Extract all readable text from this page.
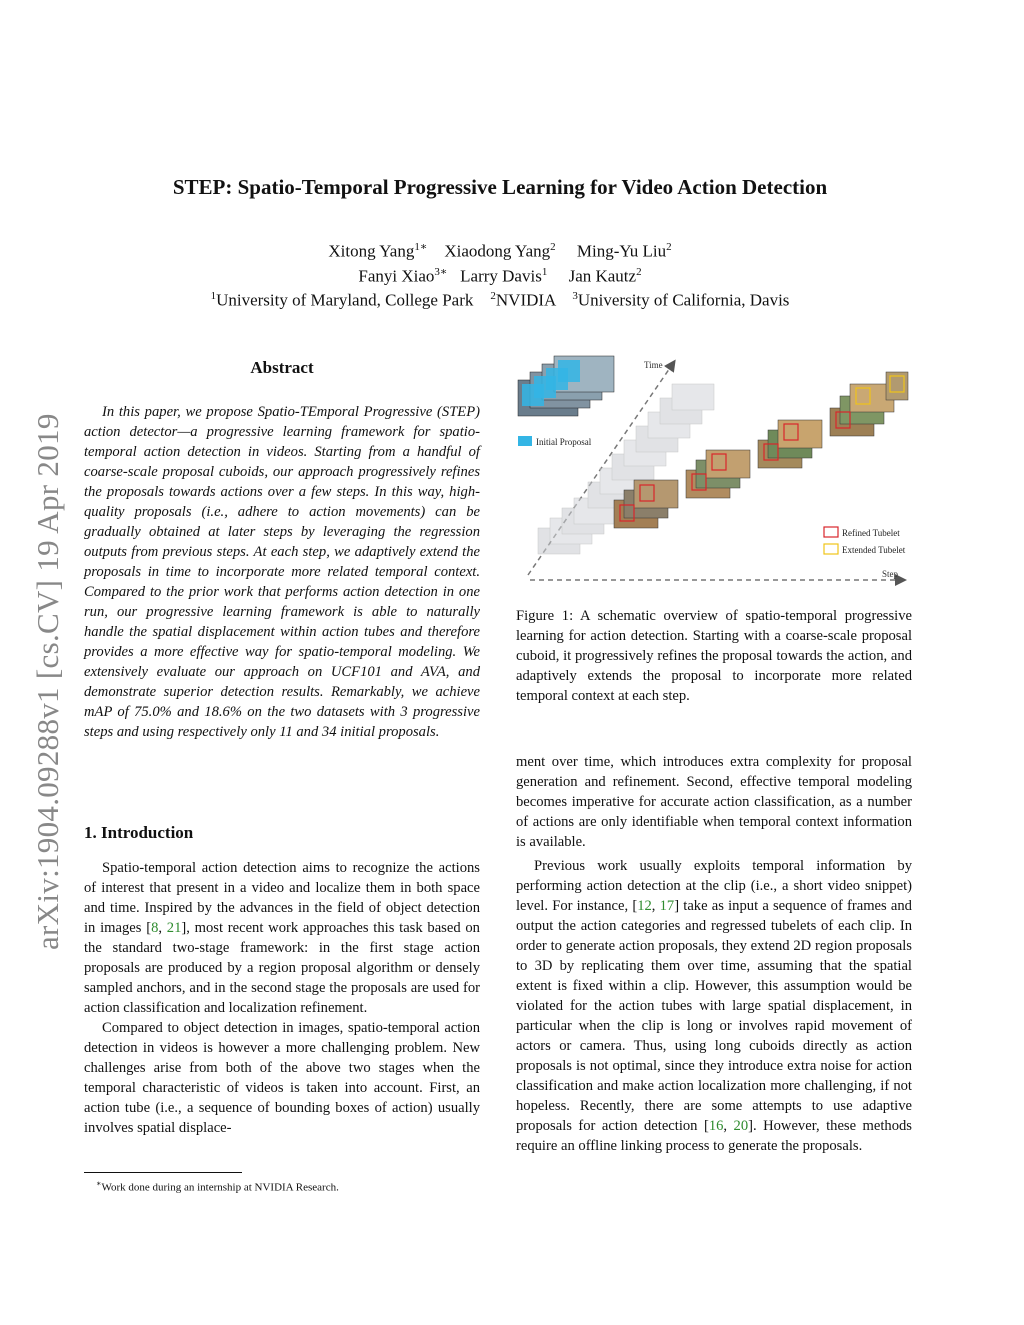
STEP: Spatio-Temporal Progressive Learning for Video Action Detection
Xitong Yang$^{1∗}$ Xiaodong Yang$^2$ Ming-Yu Liu$^2$
Fanyi Xiao$^{3∗}$ Larry Davis$^1$ Jan Kautz$^2$
$^1$University of Maryland, College Park $^2$NVIDIA $^3$University of California, Davis
arXiv:1904.09288v1 [cs.CV] 19 Apr 2019
Abstract
In this paper, we propose Spatio-TEmporal Progressive (STEP) action detector—a progressive learning framework for spatio-temporal action detection in videos. Starting from a handful of coarse-scale proposal cuboids, our approach progressively refines the proposals towards actions over a few steps. In this way, high-quality proposals (i.e., adhere to action movements) can be gradually obtained at later steps by leveraging the regression outputs from previous steps. At each step, we adaptively extend the proposals in time to incorporate more related temporal context. Compared to the prior work that performs action detection in one run, our progressive learning framework is able to naturally handle the spatial displacement within action tubes and therefore provides a more effective way for spatio-temporal modeling. We extensively evaluate our approach on UCF101 and AVA, and demonstrate superior detection results. Remarkably, we achieve mAP of 75.0% and 18.6% on the two datasets with 3 progressive steps and using respectively only 11 and 34 initial proposals.
1. Introduction

Spatio-temporal action detection aims to recognize the actions of interest that present in a video and localize them in both space and time. Inspired by the advances in the field of object detection in images [8, 21], most recent work approaches this task based on the standard two-stage framework: in the first stage action proposals are produced by a region proposal algorithm or densely sampled anchors, and in the second stage the proposals are used for action classification and localization refinement.

Compared to object detection in images, spatio-temporal action detection in videos is however a more challenging problem. New challenges arise from both of the above two stages when the temporal characteristic of videos is taken into account. First, an action tube (i.e., a sequence of bounding boxes of action) usually involves spatial displace-

∗Work done during an internship at NVIDIA Research.
Time
Step
Initial Proposal
Refined Tubelet
Extended Tubelet
Figure 1: A schematic overview of spatio-temporal progressive learning for action detection. Starting with a coarse-scale proposal cuboid, it progressively refines the proposal towards the action, and adaptively extends the proposal to incorporate more related temporal context at each step.

ment over time, which introduces extra complexity for proposal generation and refinement. Second, effective temporal modeling becomes imperative for accurate action classification, as a number of actions are only identifiable when temporal context information is available.

Previous work usually exploits temporal information by performing action detection at the clip (i.e., a short video snippet) level. For instance, [12, 17] take as input a sequence of frames and output the action categories and regressed tubelets of each clip. In order to generate action proposals, they extend 2D region proposals to 3D by replicating them over time, assuming that the spatial extent is fixed within a clip. However, this assumption would be violated for the action tubes with large spatial displacement, in particular when the clip is long or involves rapid movement of actors or camera. Thus, using long cuboids directly as action proposals is not optimal, since they introduce extra noise for action classification and make action localization more challenging, if not hopeless. Recently, there are some attempts to use adaptive proposals for action detection [16, 20]. However, these methods require an offline linking process to generate the proposals.
